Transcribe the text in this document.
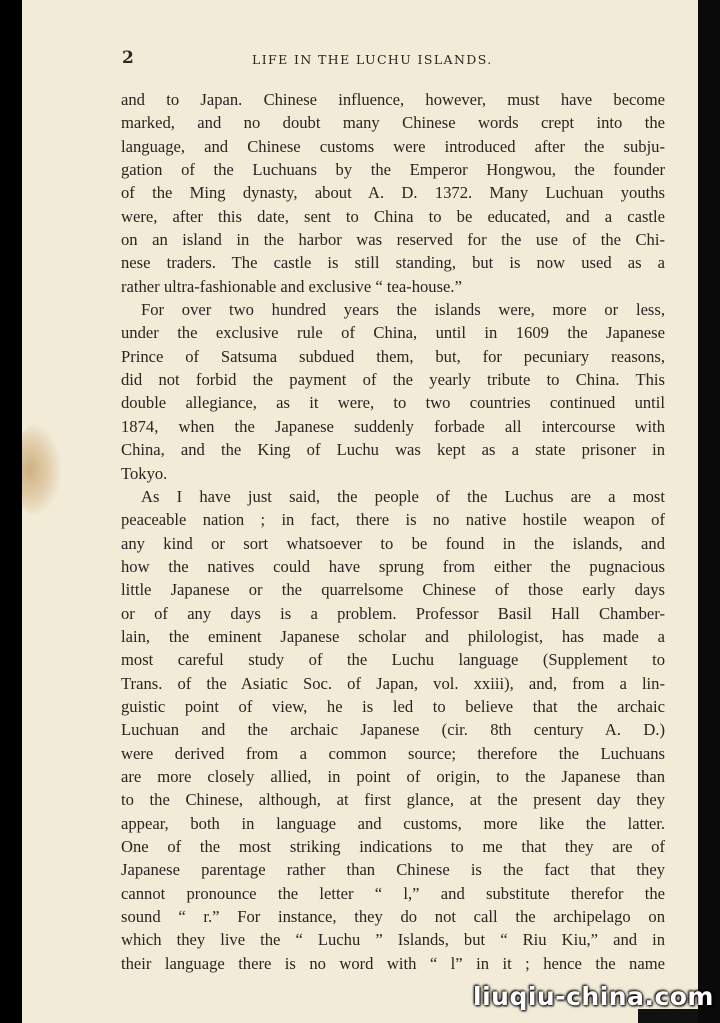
2	LIFE IN THE LUCHU ISLANDS.
and to Japan. Chinese influence, however, must have become
marked, and no doubt many Chinese words crept into the
language, and Chinese customs were introduced after the subju-
gation of the Luchuans by the Emperor Hongwou, the founder
of the Ming dynasty, about A. D. 1372. Many Luchuan youths
were, after this date, sent to China to be educated, and a castle
on an island in the harbor was reserved for the use of the Chi-
nese traders. The castle is still standing, but is now used as a
rather ultra-fashionable and exclusive “ tea-house.”
For over two hundred years the islands were, more or less,
under the exclusive rule of China, until in 1609 the Japanese
Prince of Satsuma subdued them, but, for pecuniary reasons,
did not forbid the payment of the yearly tribute to China. This
double allegiance, as it were, to two countries continued until
1874, when the Japanese suddenly forbade all intercourse with
China, and the King of Luchu was kept as a state prisoner in
Tokyo.
As I have just said, the people of the Luchus are a most
peaceable nation ; in fact, there is no native hostile weapon of
any kind or sort whatsoever to be found in the islands, and
how the natives could have sprung from either the pugnacious
little Japanese or the quarrelsome Chinese of those early days
or of any days is a problem. Professor Basil Hall Chamber-
lain, the eminent Japanese scholar and philologist, has made a
most careful study of the Luchu language (Supplement to
Trans. of the Asiatic Soc. of Japan, vol. xxiii), and, from a lin-
guistic point of view, he is led to believe that the archaic
Luchuan and the archaic Japanese (cir. 8th century A. D.)
were derived from a common source; therefore the Luchuans
are more closely allied, in point of origin, to the Japanese than
to the Chinese, although, at first glance, at the present day they
appear, both in language and customs, more like the latter.
One of the most striking indications to me that they are of
Japanese parentage rather than Chinese is the fact that they
cannot pronounce the letter “ l,” and substitute therefor the
sound “ r.” For instance, they do not call the archipelago on
which they live the “ Luchu ” Islands, but “ Riu Kiu,” and in
their language there is no word with “ l” in it ; hence the name
liuqiu-china.com
